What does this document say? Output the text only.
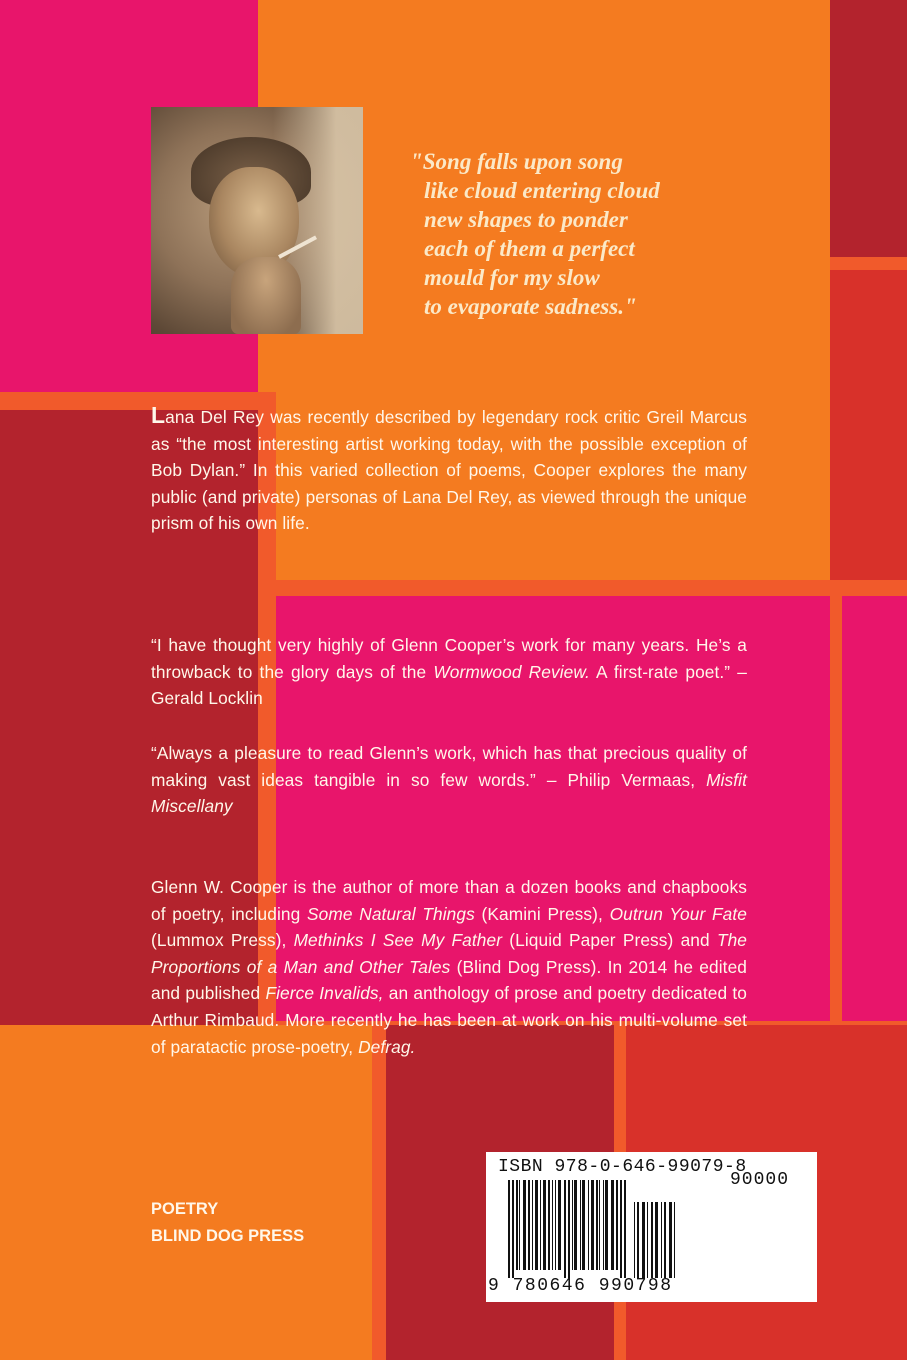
"Song falls upon song
like cloud entering cloud
new shapes to ponder
each of them a perfect
mould for my slow
to evaporate sadness."
Lana Del Rey was recently described by legendary rock critic Greil Marcus as “the most interesting artist working today, with the possible exception of Bob Dylan.” In this varied collection of poems, Cooper explores the many public (and private) personas of Lana Del Rey, as viewed through the unique prism of his own life.
“I have thought very highly of Glenn Cooper’s work for many years. He’s a throwback to the glory days of the Wormwood Review. A first-rate poet.” – Gerald Locklin
“Always a pleasure to read Glenn’s work, which has that precious quality of making vast ideas tangible in so few words.” – Philip Vermaas, Misfit Miscellany
Glenn W. Cooper is the author of more than a dozen books and chapbooks of poetry, including Some Natural Things (Kamini Press), Outrun Your Fate (Lummox Press), Methinks I See My Father (Liquid Paper Press) and The Proportions of a Man and Other Tales (Blind Dog Press). In 2014 he edited and published Fierce Invalids, an anthology of prose and poetry dedicated to Arthur Rimbaud. More recently he has been at work on his multi-volume set of paratactic prose-poetry, Defrag.
POETRY
BLIND DOG PRESS
ISBN 978-0-646-99079-8
90000
9 780646 990798
